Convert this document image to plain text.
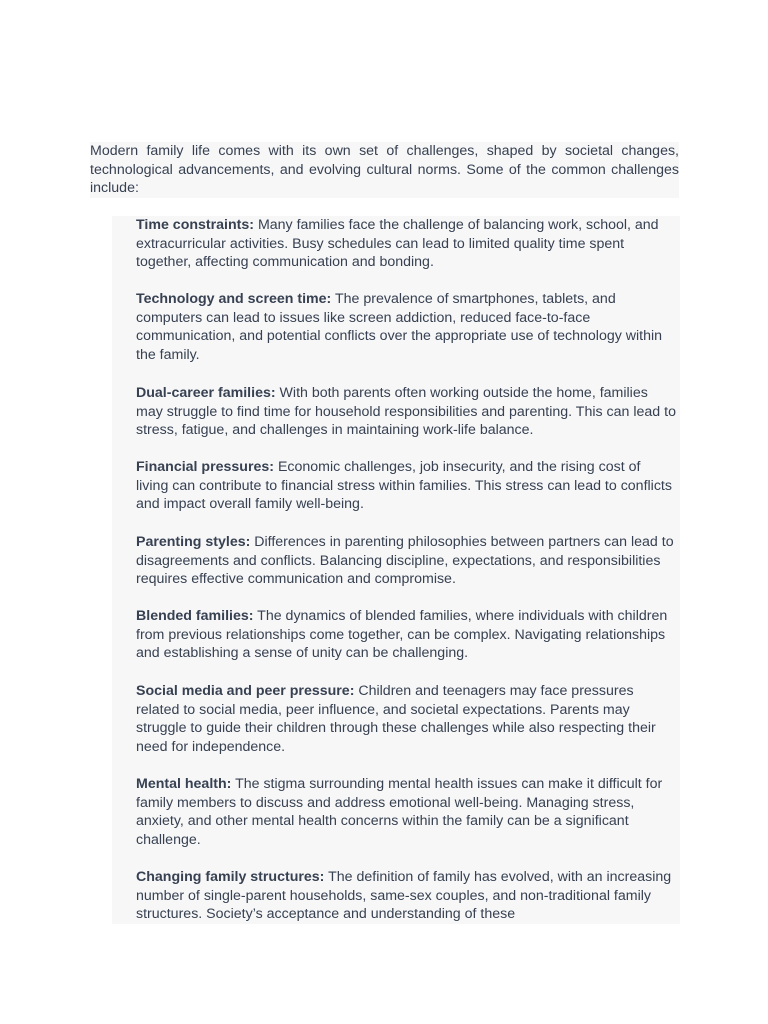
Modern family life comes with its own set of challenges, shaped by societal changes, technological advancements, and evolving cultural norms. Some of the common challenges include:

Time constraints: Many families face the challenge of balancing work, school, and extracurricular activities. Busy schedules can lead to limited quality time spent together, affecting communication and bonding.

Technology and screen time: The prevalence of smartphones, tablets, and computers can lead to issues like screen addiction, reduced face-to-face communication, and potential conflicts over the appropriate use of technology within the family.

Dual-career families: With both parents often working outside the home, families may struggle to find time for household responsibilities and parenting. This can lead to stress, fatigue, and challenges in maintaining work-life balance.

Financial pressures: Economic challenges, job insecurity, and the rising cost of living can contribute to financial stress within families. This stress can lead to conflicts and impact overall family well-being.

Parenting styles: Differences in parenting philosophies between partners can lead to disagreements and conflicts. Balancing discipline, expectations, and responsibilities requires effective communication and compromise.

Blended families: The dynamics of blended families, where individuals with children from previous relationships come together, can be complex. Navigating relationships and establishing a sense of unity can be challenging.

Social media and peer pressure: Children and teenagers may face pressures related to social media, peer influence, and societal expectations. Parents may struggle to guide their children through these challenges while also respecting their need for independence.

Mental health: The stigma surrounding mental health issues can make it difficult for family members to discuss and address emotional well-being. Managing stress, anxiety, and other mental health concerns within the family can be a significant challenge.

Changing family structures: The definition of family has evolved, with an increasing number of single-parent households, same-sex couples, and non-traditional family structures. Society’s acceptance and understanding of these
